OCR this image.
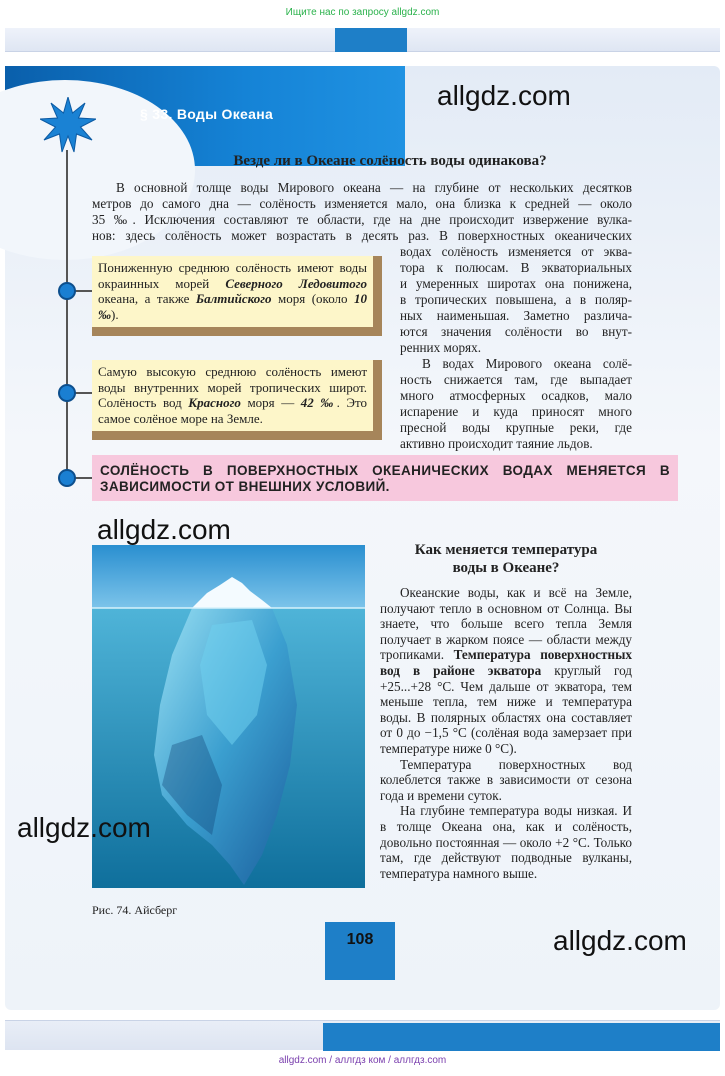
Ищите нас по запросу allgdz.com
§ 33. Воды Океана
allgdz.com
Везде ли в Океане солёность воды одинакова?
В основной толще воды Мирового океана — на глубине от нескольких десятков
метров до самого дна — солёность изменяется мало, она близка к средней — около
35 ‰. Исключения составляют те области, где на дне происходит извержение вулка-
нов: здесь солёность может возрастать в десять раз. В поверхностных океанических
водах солёность изменяется от эква-
тора к полюсам. В экваториальных
и умеренных широтах она понижена,
в тропических повышена, а в поляр-
ных наименьшая. Заметно различа-
ются значения солёности во внут-
ренних морях.
В водах Мирового океана солё-
ность снижается там, где выпадает
много атмосферных осадков, мало
испарение и куда приносят много
пресной воды крупные реки, где
активно происходит таяние льдов.
Пониженную среднюю солёность имеют воды окраинных морей Северного Ледовитого океана, а также Балтийского моря (около 10 ‰).
Самую высокую среднюю солёность имеют воды внутренних морей тропических широт. Солёность вод Красного моря — 42 ‰. Это самое солёное море на Земле.
СОЛЁНОСТЬ В ПОВЕРХНОСТНЫХ ОКЕАНИЧЕСКИХ ВОДАХ МЕНЯЕТСЯ В ЗАВИСИМОСТИ ОТ ВНЕШНИХ УСЛОВИЙ.
allgdz.com
allgdz.com
Рис. 74. Айсберг
Как меняется температура
воды в Океане?

Океанские воды, как и всё на Земле, получают тепло в основном от Солнца. Вы знаете, что больше всего тепла Земля получает в жарком поясе — области между тропиками. Температура поверхностных вод в районе экватора круглый год +25...+28 °C. Чем дальше от экватора, тем меньше тепла, тем ниже и температура воды. В полярных областях она составляет от 0 до −1,5 °C (солёная вода замерзает при температуре ниже 0 °C).

Температура поверхностных вод колеблется также в зависимости от сезона года и времени суток.

На глубине температура воды низкая. И в толще Океана она, как и солёность, довольно постоянная — около +2 °C. Только там, где действуют подводные вулканы, температура намного выше.

108	allgdz.com
allgdz.com / аллгдз ком / аллгдз.com
